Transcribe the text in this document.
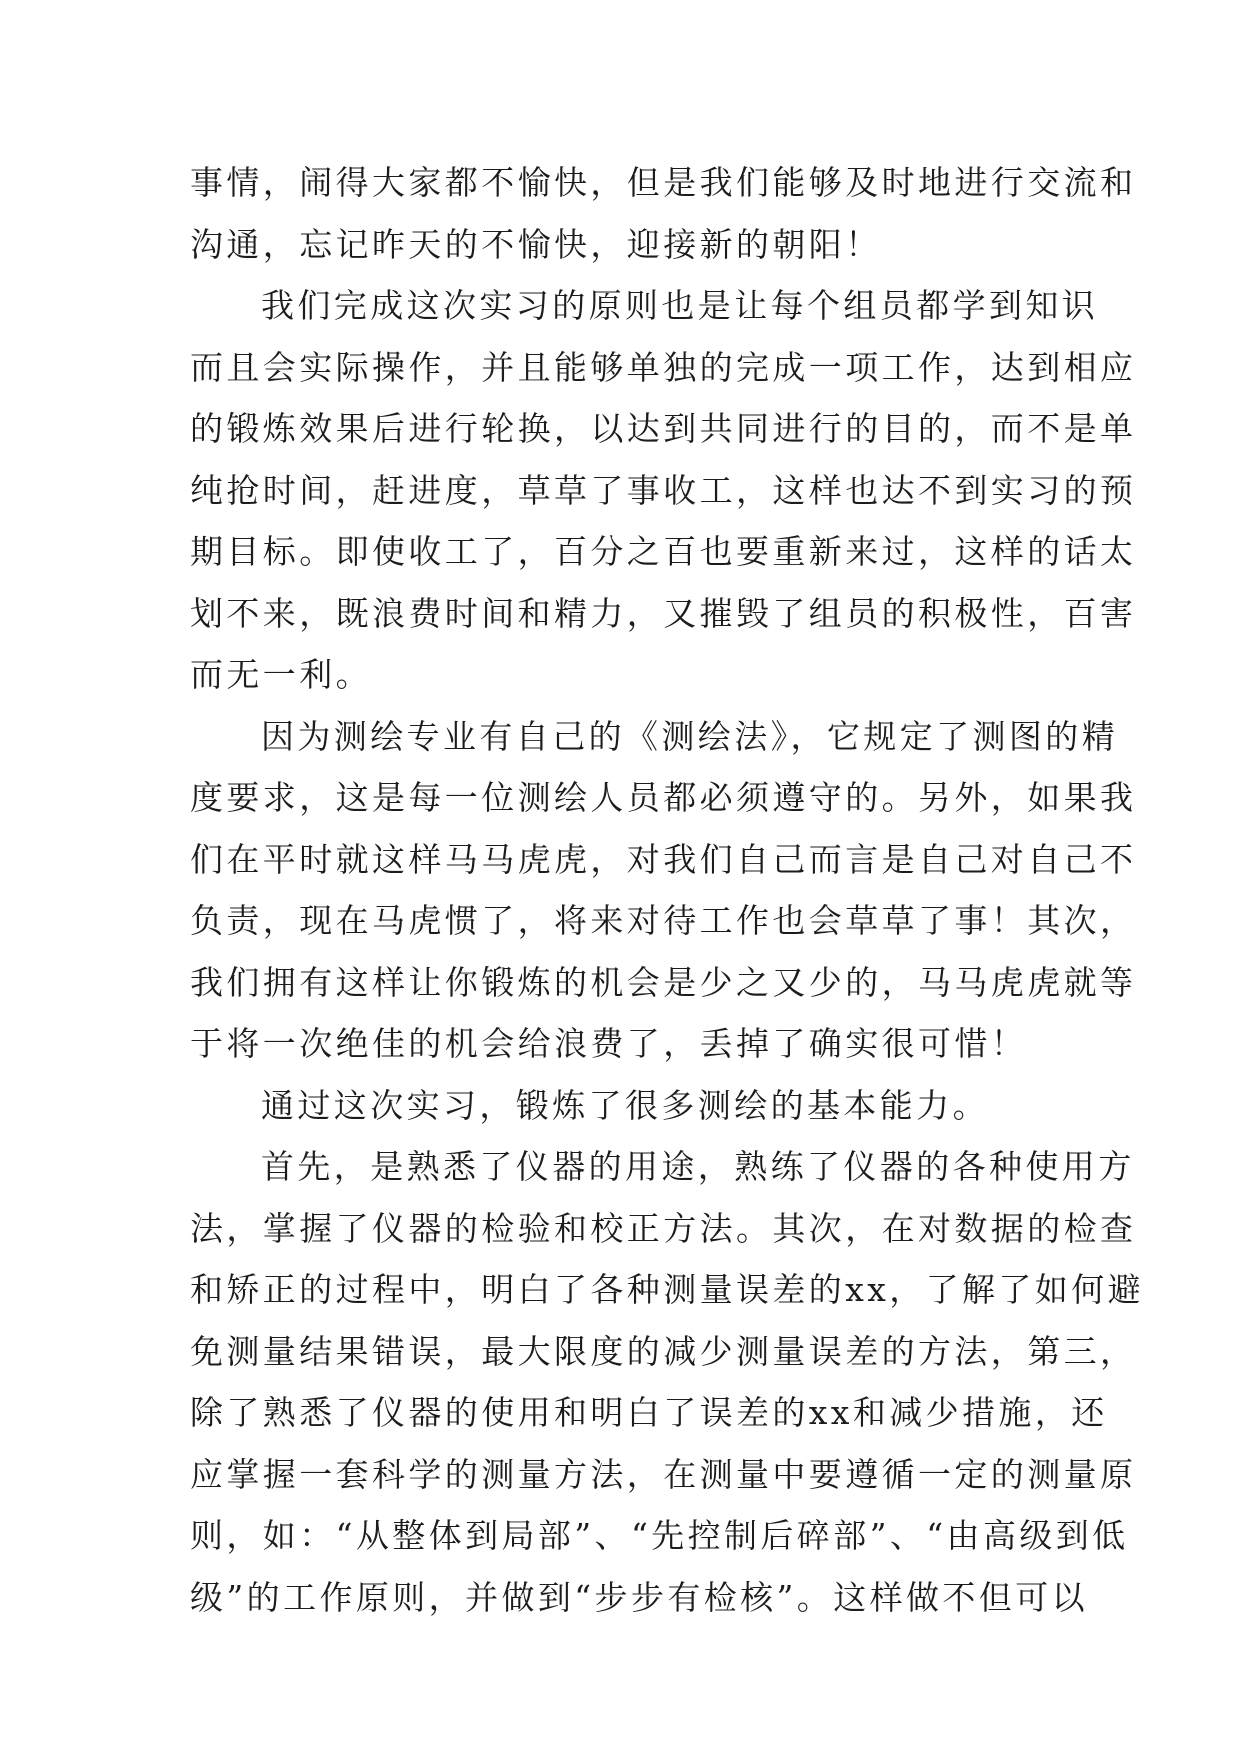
事情，闹得大家都不愉快，但是我们能够及时地进行交流和
沟通，忘记昨天的不愉快，迎接新的朝阳！
我们完成这次实习的原则也是让每个组员都学到知识
而且会实际操作，并且能够单独的完成一项工作，达到相应
的锻炼效果后进行轮换，以达到共同进行的目的，而不是单
纯抢时间，赶进度，草草了事收工，这样也达不到实习的预
期目标。即使收工了，百分之百也要重新来过，这样的话太
划不来，既浪费时间和精力，又摧毁了组员的积极性，百害
而无一利。
因为测绘专业有自己的《测绘法》，它规定了测图的精
度要求，这是每一位测绘人员都必须遵守的。另外，如果我
们在平时就这样马马虎虎，对我们自己而言是自己对自己不
负责，现在马虎惯了，将来对待工作也会草草了事！其次，
我们拥有这样让你锻炼的机会是少之又少的，马马虎虎就等
于将一次绝佳的机会给浪费了，丢掉了确实很可惜！
通过这次实习，锻炼了很多测绘的基本能力。
首先，是熟悉了仪器的用途，熟练了仪器的各种使用方
法，掌握了仪器的检验和校正方法。其次，在对数据的检查
和矫正的过程中，明白了各种测量误差的xx，了解了如何避
免测量结果错误，最大限度的减少测量误差的方法，第三，
除了熟悉了仪器的使用和明白了误差的xx和减少措施，还
应掌握一套科学的测量方法，在测量中要遵循一定的测量原
则，如：“从整体到局部”、“先控制后碎部”、“由高级到低
级”的工作原则，并做到“步步有检核”。这样做不但可以
